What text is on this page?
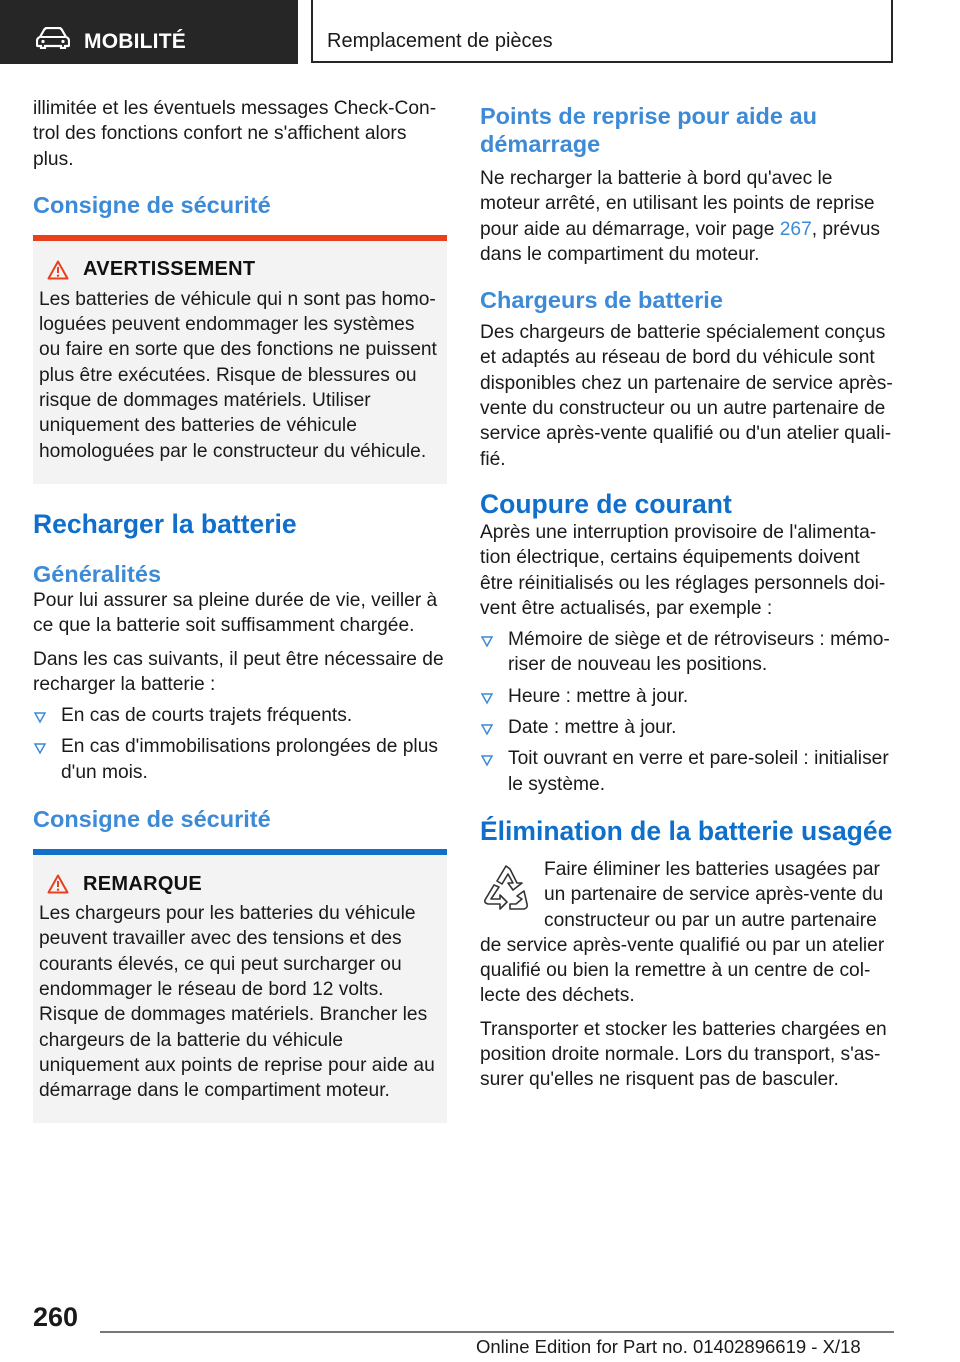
MOBILITÉ	Remplacement de pièces

illimitée et les éventuels messages Check-Control des fonctions confort ne s'affichent alors plus.

Consigne de sécurité
AVERTISSEMENT

Les batteries de véhicule qui n sont pas homologuées peuvent endommager les systèmes ou faire en sorte que des fonctions ne puissent plus être exécutées. Risque de blessures ou risque de dommages matériels. Utiliser uniquement des batteries de véhicule homologuées par le constructeur du véhicule.

Recharger la batterie
Généralités

Pour lui assurer sa pleine durée de vie, veiller à ce que la batterie soit suffisamment chargée.

Dans les cas suivants, il peut être nécessaire de recharger la batterie :

En cas de courts trajets fréquents.
En cas d'immobilisations prolongées de plus d'un mois.
Consigne de sécurité
REMARQUE

Les chargeurs pour les batteries du véhicule peuvent travailler avec des tensions et des courants élevés, ce qui peut surcharger ou endommager le réseau de bord 12 volts. Risque de dommages matériels. Brancher les chargeurs de la batterie du véhicule uniquement aux points de reprise pour aide au démarrage dans le compartiment moteur.

Points de reprise pour aide au démarrage

Ne recharger la batterie à bord qu'avec le moteur arrêté, en utilisant les points de reprise pour aide au démarrage, voir page 267, prévus dans le compartiment du moteur.

Chargeurs de batterie

Des chargeurs de batterie spécialement conçus et adaptés au réseau de bord du véhicule sont disponibles chez un partenaire de service après-vente du constructeur ou un autre partenaire de service après-vente qualifié ou d'un atelier qualifié.

Coupure de courant

Après une interruption provisoire de l'alimentation électrique, certains équipements doivent être réinitialisés ou les réglages personnels doivent être actualisés, par exemple :

Mémoire de siège et de rétroviseurs : mémoriser de nouveau les positions.
Heure : mettre à jour.
Date : mettre à jour.
Toit ouvrant en verre et pare-soleil : initialiser le système.
Élimination de la batterie usagée

Faire éliminer les batteries usagées par un partenaire de service après-vente du constructeur ou par un autre partenaire de service après-vente qualifié ou par un atelier qualifié ou bien la remettre à un centre de collecte des déchets.

Transporter et stocker les batteries chargées en position droite normale. Lors du transport, s'assurer qu'elles ne risquent pas de basculer.

260
Online Edition for Part no. 01402896619 - X/18
